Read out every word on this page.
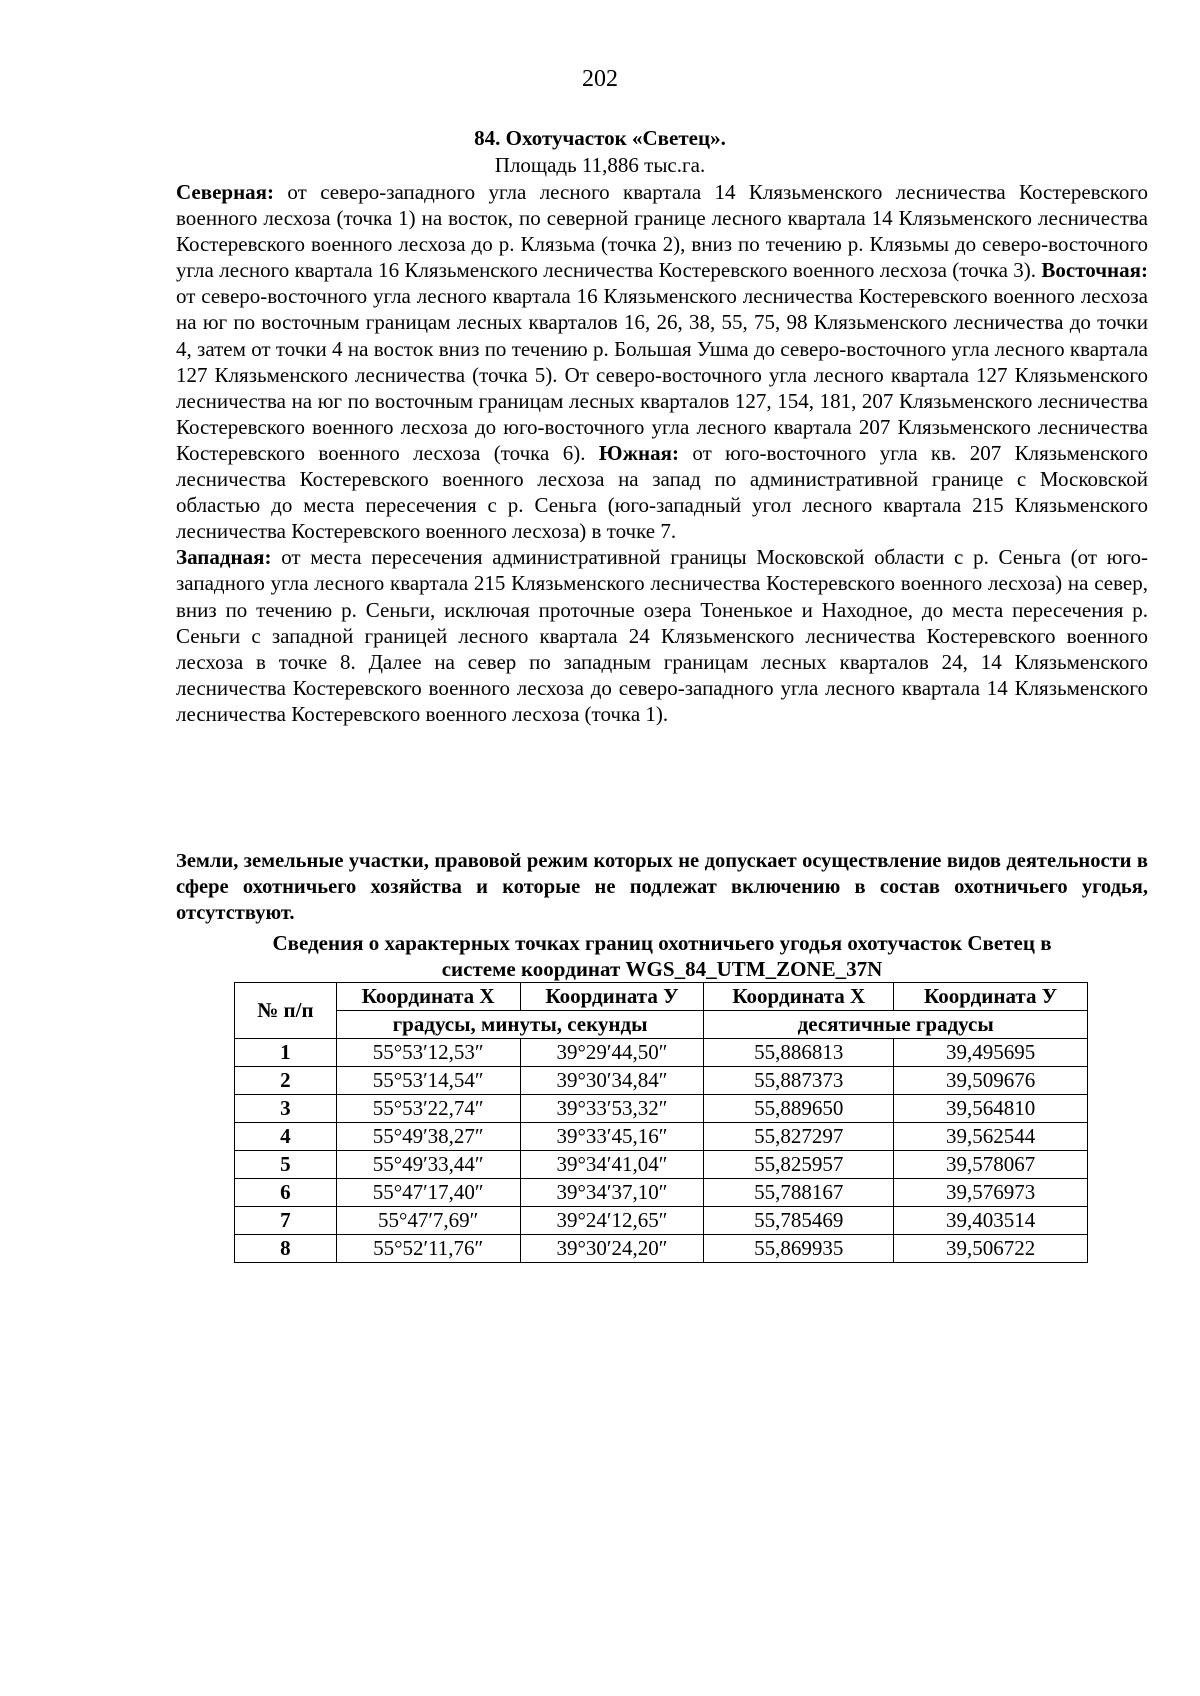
202
84. Охотучасток «Светец».
Площадь 11,886 тыс.га.

Северная: от северо-западного угла лесного квартала 14 Клязьменского лесничества Костеревского военного лесхоза (точка 1) на восток, по северной границе лесного квартала 14 Клязьменского лесничества Костеревского военного лесхоза до р. Клязьма (точка 2), вниз по течению р. Клязьмы до северо-восточного угла лесного квартала 16 Клязьменского лесничества Костеревского военного лесхоза (точка 3). Восточная: от северо-восточного угла лесного квартала 16 Клязьменского лесничества Костеревского военного лесхоза на юг по восточным границам лесных кварталов 16, 26, 38, 55, 75, 98 Клязьменского лесничества до точки 4, затем от точки 4 на восток вниз по течению р. Большая Ушма до северо-восточного угла лесного квартала 127 Клязьменского лесничества (точка 5). От северо-восточного угла лесного квартала 127 Клязьменского лесничества на юг по восточным границам лесных кварталов 127, 154, 181, 207 Клязьменского лесничества Костеревского военного лесхоза до юго-восточного угла лесного квартала 207 Клязьменского лесничества Костеревского военного лесхоза (точка 6). Южная: от юго-восточного угла кв. 207 Клязьменского лесничества Костеревского военного лесхоза на запад по административной границе с Московской областью до места пересечения с р. Сеньга (юго-западный угол лесного квартала 215 Клязьменского лесничества Костеревского военного лесхоза) в точке 7.

Западная: от места пересечения административной границы Московской области с р. Сеньга (от юго-западного угла лесного квартала 215 Клязьменского лесничества Костеревского военного лесхоза) на север, вниз по течению р. Сеньги, исключая проточные озера Тоненькое и Находное, до места пересечения р. Сеньги с западной границей лесного квартала 24 Клязьменского лесничества Костеревского военного лесхоза в точке 8. Далее на север по западным границам лесных кварталов 24, 14 Клязьменского лесничества Костеревского военного лесхоза до северо-западного угла лесного квартала 14 Клязьменского лесничества Костеревского военного лесхоза (точка 1).

Земли, земельные участки, правовой режим которых не допускает осуществление видов деятельности в сфере охотничьего хозяйства и которые не подлежат включению в состав охотничьего угодья, отсутствуют.
Сведения о характерных точках границ охотничьего угодья охотучасток Светец в
системе координат WGS_84_UTM_ZONE_37N
№ п/п	Координата Х	Координата У	Координата Х	Координата У
	градусы, минуты, секунды		десятичные градусы	
1	55°53′12,53″	39°29′44,50″	55,886813	39,495695
2	55°53′14,54″	39°30′34,84″	55,887373	39,509676
3	55°53′22,74″	39°33′53,32″	55,889650	39,564810
4	55°49′38,27″	39°33′45,16″	55,827297	39,562544
5	55°49′33,44″	39°34′41,04″	55,825957	39,578067
6	55°47′17,40″	39°34′37,10″	55,788167	39,576973
7	55°47′7,69″	39°24′12,65″	55,785469	39,403514
8	55°52′11,76″	39°30′24,20″	55,869935	39,506722
